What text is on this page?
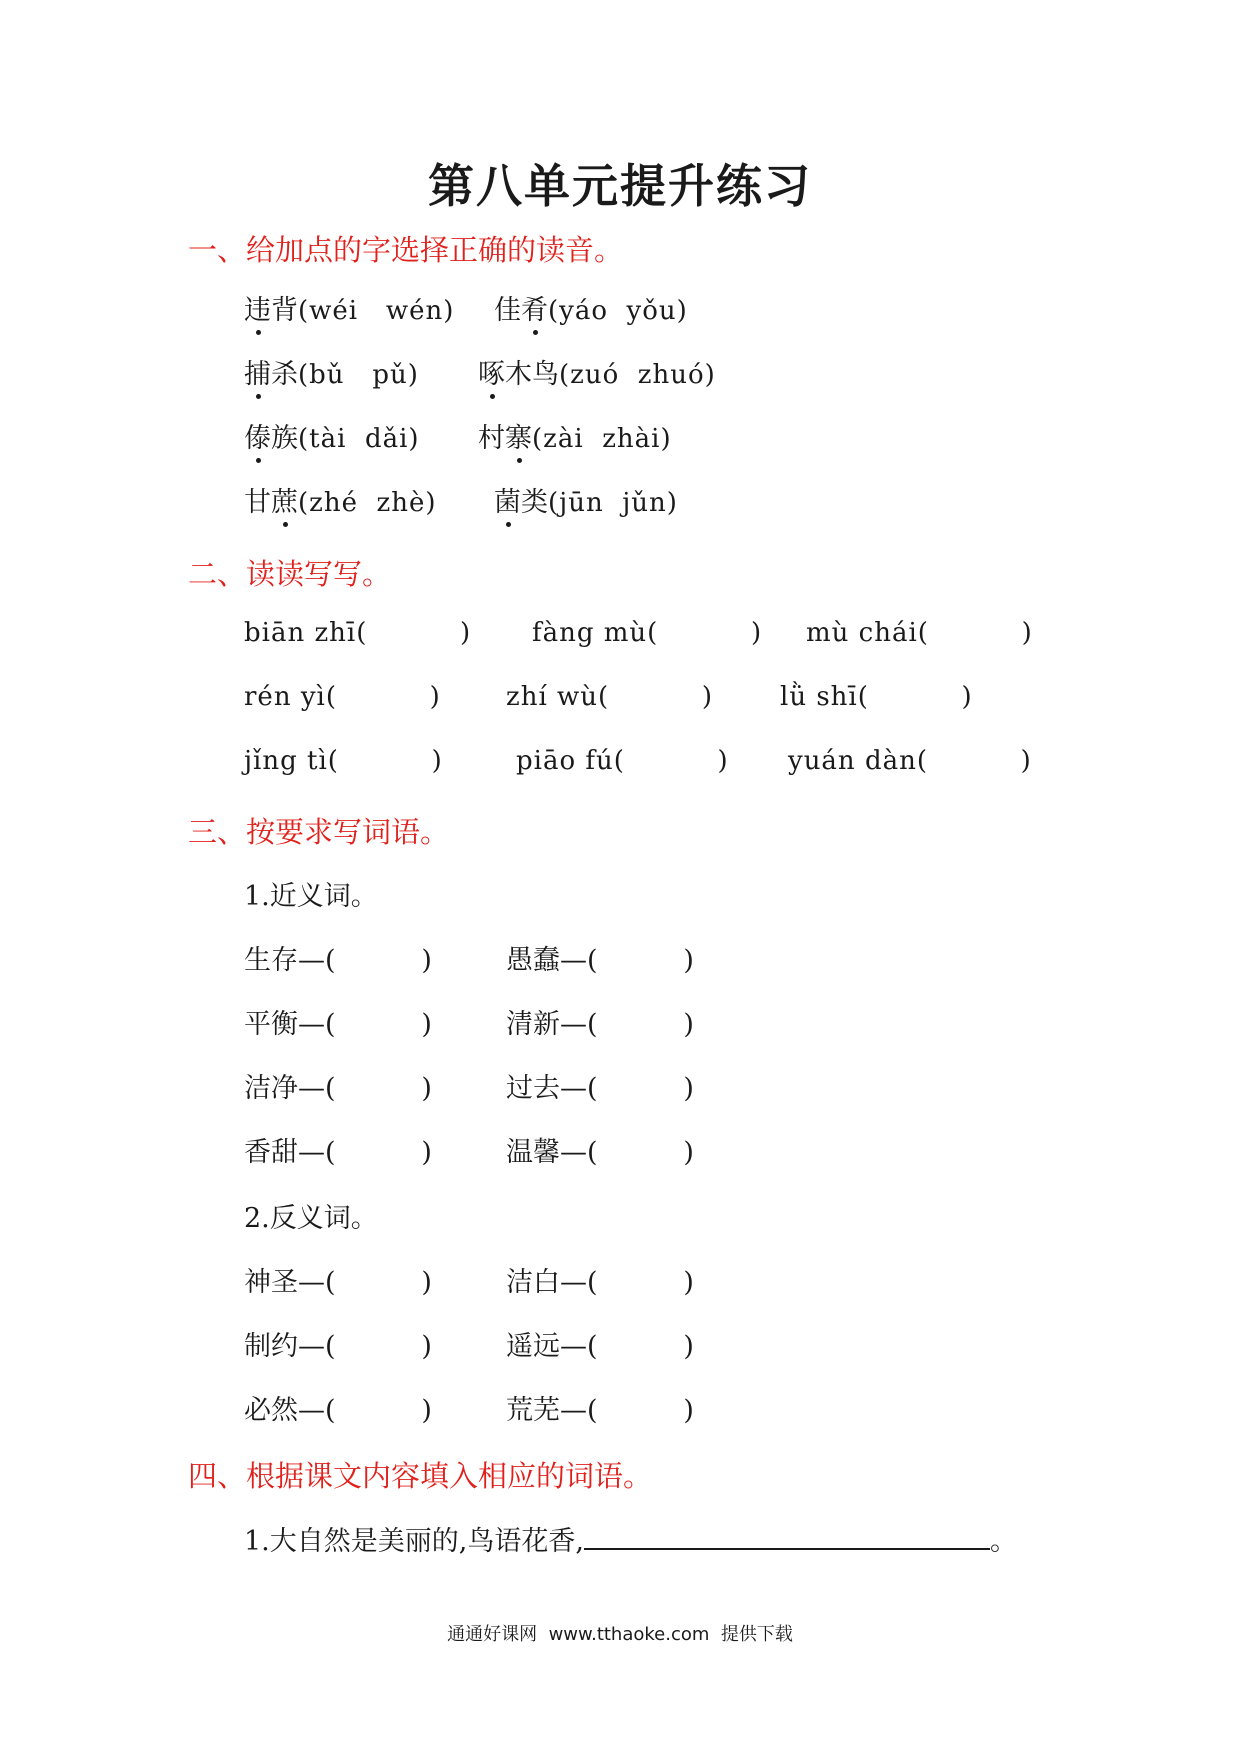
第八单元提升练习
一、给加点的字选择正确的读音。
违背(wéi   wén) 佳肴(yáo  yǒu)
捕杀(bǔ   pǔ) 啄木鸟(zuó  zhuó)
傣族(tài  dǎi) 村寨(zài  zhài)
甘蔗(zhé  zhè) 菌类(jūn  jǔn)
二、读读写写。
biān zhī(          ) fàng mù(          ) mù chái(          )
rén yì(          )	zhí wù(          )	lǜ shī(          )
jǐng tì(          )	piāo fú(          ) yuán dàn(          )
三、按要求写词语。
1.近义词。
生存—(          )	愚蠢—(          )
平衡—(          )	清新—(          )
洁净—(          )	过去—(          )
香甜—(          )	温馨—(          )
2.反义词。
神圣—(          )	洁白—(          )
制约—(          )	遥远—(          )
必然—(          )	荒芜—(          )
四、根据课文内容填入相应的词语。
1.大自然是美丽的,鸟语花香,	。
通通好课网  www.tthaoke.com  提供下载
